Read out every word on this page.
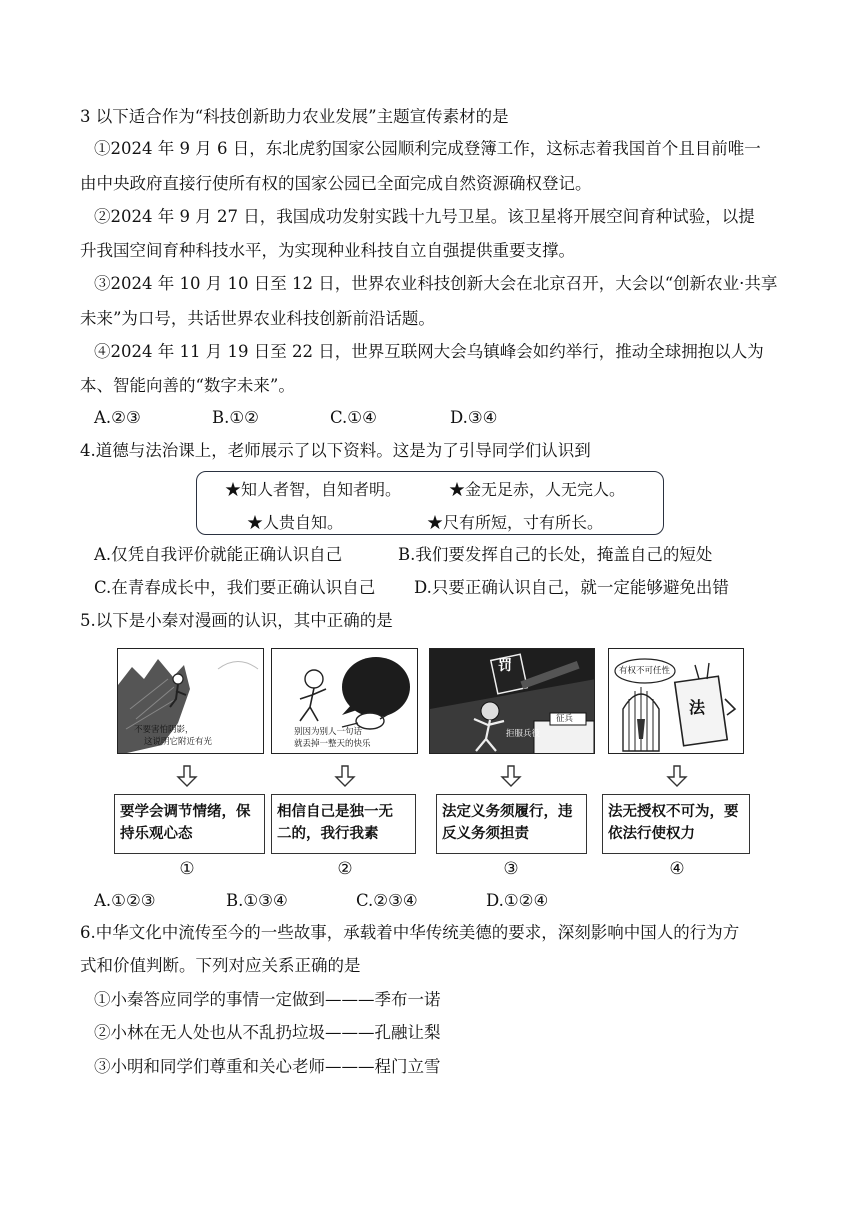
3 以下适合作为“科技创新助力农业发展”主题宣传素材的是
①2024 年 9 月 6 日，东北虎豹国家公园顺利完成登簿工作，这标志着我国首个且目前唯一
由中央政府直接行使所有权的国家公园已全面完成自然资源确权登记。
②2024 年 9 月 27 日，我国成功发射实践十九号卫星。该卫星将开展空间育种试验，以提
升我国空间育种科技水平，为实现种业科技自立自强提供重要支撑。
③2024 年 10 月 10 日至 12 日，世界农业科技创新大会在北京召开，大会以“创新农业·共享
未来”为口号，共话世界农业科技创新前沿话题。
④2024 年 11 月 19 日至 22 日，世界互联网大会乌镇峰会如约举行，推动全球拥抱以人为
本、智能向善的“数字未来”。
A.②③	B.①②	C.①④	D.③④
4.道德与法治课上，老师展示了以下资料。这是为了引导同学们认识到
★知人者智，自知者明。	★金无足赤，人无完人。
★人贵自知。	★尺有所短，寸有所长。
A.仅凭自我评价就能正确认识自己	B.我们要发挥自己的长处，掩盖自己的短处
C.在青春成长中，我们要正确认识自己 D.只要正确认识自己，就一定能够避免出错
5.以下是小秦对漫画的认识，其中正确的是
不要害怕阴影，
这说明它附近有光
别因为别人一句话
就丢掉一整天的快乐
罚
征兵
拒服兵役
有权不可任性
法
要学会调节情绪，保
持乐观心态
相信自己是独一无
二的，我行我素
法定义务须履行，违
反义务须担责
法无授权不可为，要
依法行使权力
①	②	③	④
A.①②③	B.①③④	C.②③④	D.①②④
6.中华文化中流传至今的一些故事，承载着中华传统美德的要求，深刻影响中国人的行为方
式和价值判断。下列对应关系正确的是
①小秦答应同学的事情一定做到———季布一诺
②小林在无人处也从不乱扔垃圾———孔融让梨
③小明和同学们尊重和关心老师———程门立雪
